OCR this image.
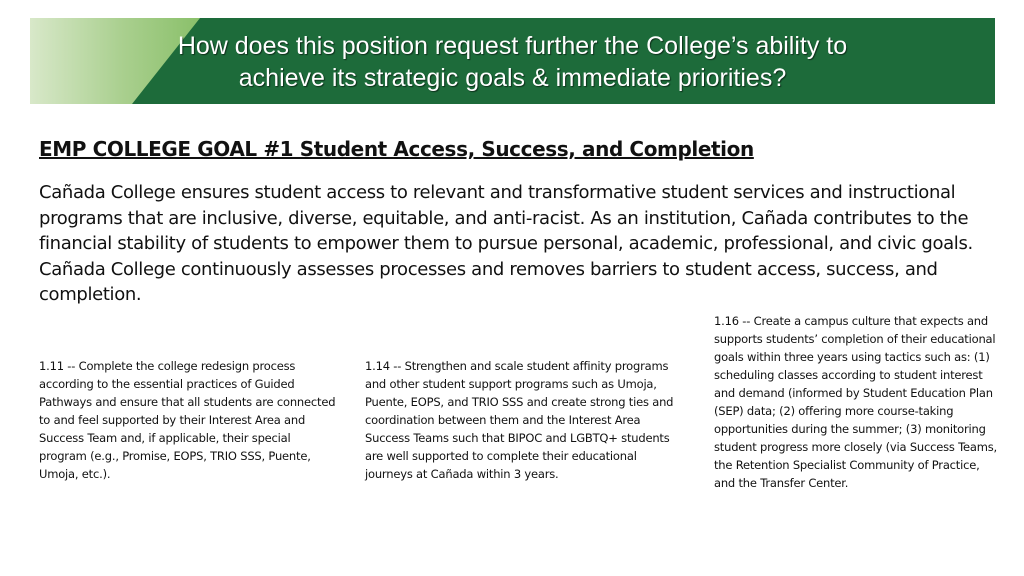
How does this position request further the College’s ability to
achieve its strategic goals & immediate priorities?
EMP COLLEGE GOAL #1 Student Access, Success, and Completion

Cañada College ensures student access to relevant and transformative student services and instructional programs that are inclusive, diverse, equitable, and anti-racist. As an institution, Cañada contributes to the financial stability of students to empower them to pursue personal, academic, professional, and civic goals. Cañada College continuously assesses processes and removes barriers to student access, success, and completion.

1.11 -- Complete the college redesign process according to the essential practices of Guided Pathways and ensure that all students are connected to and feel supported by their Interest Area and Success Team and, if applicable, their special program (e.g., Promise, EOPS, TRIO SSS, Puente, Umoja, etc.).

1.14 -- Strengthen and scale student affinity programs and other student support programs such as Umoja, Puente, EOPS, and TRIO SSS and create strong ties and coordination between them and the Interest Area Success Teams such that BIPOC and LGBTQ+ students are well supported to complete their educational journeys at Cañada within 3 years.

1.16 -- Create a campus culture that expects and supports students’ completion of their educational goals within three years using tactics such as: (1) scheduling classes according to student interest and demand (informed by Student Education Plan (SEP) data; (2) offering more course-taking opportunities during the summer; (3) monitoring student progress more closely (via Success Teams, the Retention Specialist Community of Practice, and the Transfer Center.
